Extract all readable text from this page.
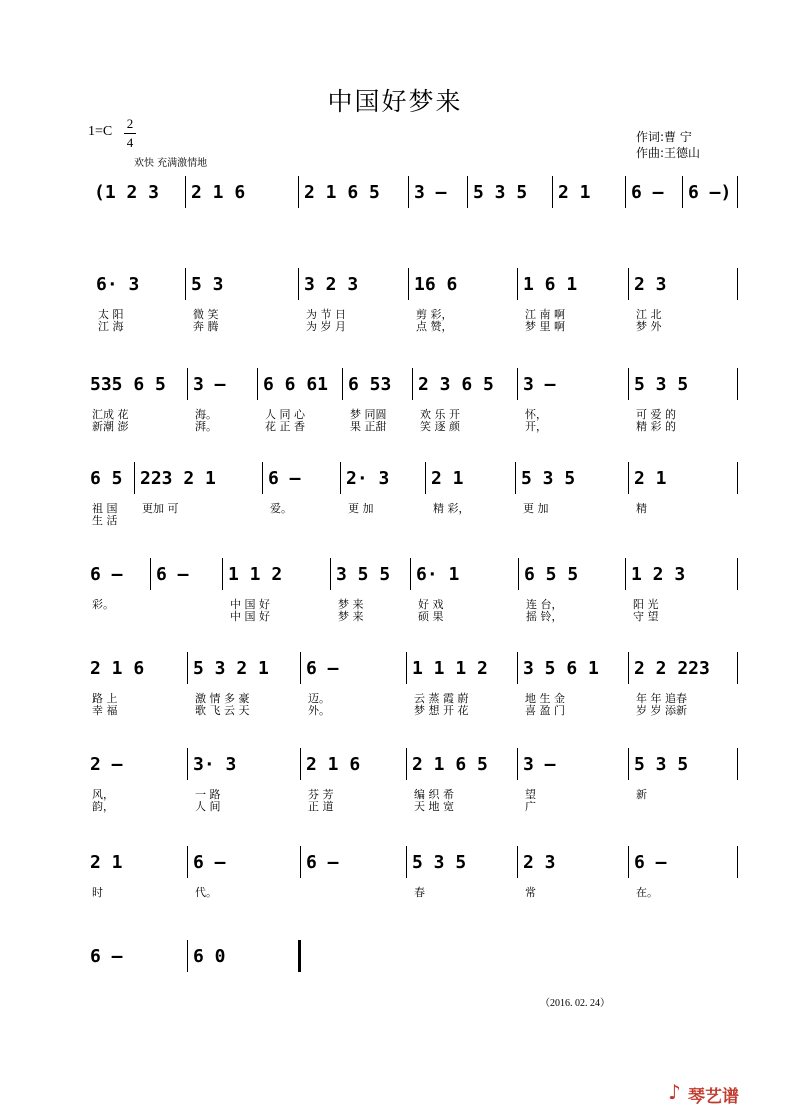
中国好梦来
1=C
2
4
欢快 充满激情地
作词:曹 宁
作曲:王德山
(1 2 3	2 1 6	2 1 6 5	3 –	5 3 5	2 1	6 –	6 –)
6· 3
太 阳
江 海
5 3
微 笑
奔 腾
3 2 3
为 节 日
为 岁 月
16 6
剪 彩，
点 赞，
1 6 1
江 南 啊
梦 里 啊
2 3
江 北
梦 外
535 6 5
汇成 花
新潮 澎
3 –
海。
湃。
6 6 61
人 同 心
花 正 香
6 53
梦 同圆
果 正甜
2 3 6 5
欢 乐 开
笑 逐 颜
3 –
怀，
开，
5 3 5
可 爱 的
精 彩 的
6 5
祖 国
生 活
223 2 1
更加 可
6 –
爱。
2· 3
更 加
2 1
精 彩，
5 3 5
更 加
2 1
精
6 –
彩。
6 –	1 1 2
中 国 好
中 国 好
3 5 5
梦 来
梦 来
6· 1
好 戏
硕 果
6 5 5
连 台，
摇 铃，
1 2 3
阳 光
守 望
2 1 6
路 上
幸 福
5 3 2 1
激 情 多 豪
歌 飞 云 天
6 –
迈。
外。
1 1 1 2
云 蒸 霞 蔚
梦 想 开 花
3 5 6 1
地 生 金
喜 盈 门
2 2 223
年 年 追春
岁 岁 添新
2 –
风，
韵，
3· 3
一 路
人 间
2 1 6
芬 芳
正 道
2 1 6 5
编 织 希
天 地 宽
3 –
望
广
5 3 5
新
2 1
时
6 –
代。
6 –	5 3 5
春
2 3
常
6 –
在。
6 –	6 0
（2016. 02. 24）
♪ 琴艺谱
